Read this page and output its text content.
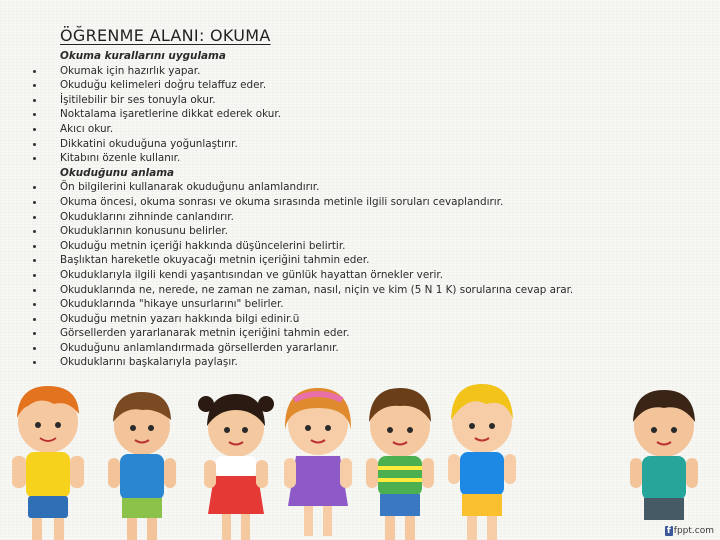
ÖĞRENME ALANI: OKUMA
Okuma kurallarını uygulama
Okumak için hazırlık yapar.
Okuduğu kelimeleri doğru telaffuz eder.
İşitilebilir bir ses tonuyla okur.
Noktalama işaretlerine dikkat ederek okur.
Akıcı okur.
Dikkatini okuduğuna yoğunlaştırır.
Kitabını özenle kullanır.
Okuduğunu anlama
Ön bilgilerini kullanarak okuduğunu anlamlandırır.
Okuma öncesi, okuma sonrası ve okuma sırasında metinle ilgili soruları cevaplandırır.
Okuduklarını zihninde canlandırır.
Okuduklarının konusunu belirler.
Okuduğu metnin içeriği hakkında düşüncelerini belirtir.
Başlıktan hareketle okuyacağı metnin içeriğini tahmin eder.
Okuduklarıyla ilgili kendi yaşantısından ve günlük hayattan örnekler verir.
Okuduklarında ne, nerede, ne zaman ne zaman, nasıl, niçin ve kim (5 N 1 K) sorularına cevap arar.
Okuduklarında "hikaye unsurlarını" belirler.
Okuduğu metnin yazarı hakkında bilgi edinir.ü
Görsellerden yararlanarak metnin içeriğini tahmin eder.
Okuduğunu anlamlandırmada görsellerden yararlanır.
Okuduklarını başkalarıyla paylaşır.
f fppt.com
